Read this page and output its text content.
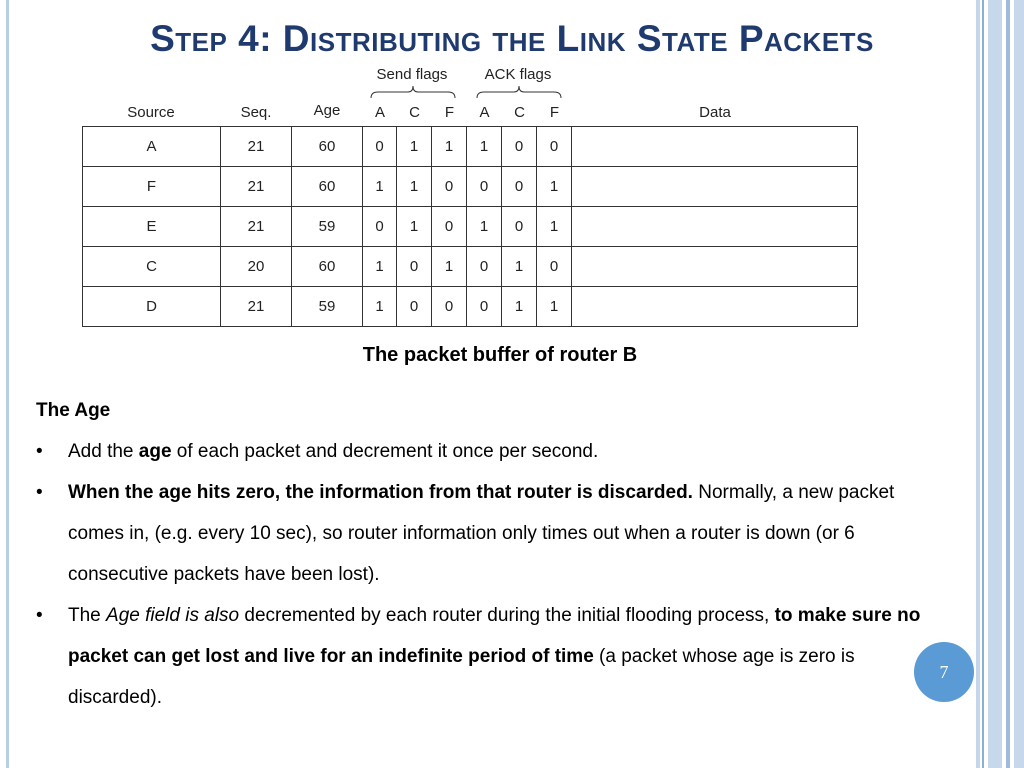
Step 4: Distributing the Link State Packets
Send flags	ACK flags
Source	Seq.	Age	A	C	F	A	C	F	Data
A	21	60	0	1	1	1	0	0	
F	21	60	1	1	0	0	0	1	
E	21	59	0	1	0	1	0	1	
C	20	60	1	0	1	0	1	0	
D	21	59	1	0	0	0	1	1	
The packet buffer of router B
The Age
• Add the age of each packet and decrement it once per second.
• When the age hits zero, the information from that router is discarded. Normally, a new packet comes in, (e.g. every 10 sec), so router information only times out when a router is down (or 6 consecutive packets have been lost).
• The Age field is also decremented by each router during the initial flooding process, to make sure no packet can get lost and live for an indefinite period of time (a packet whose age is zero is discarded).
7
